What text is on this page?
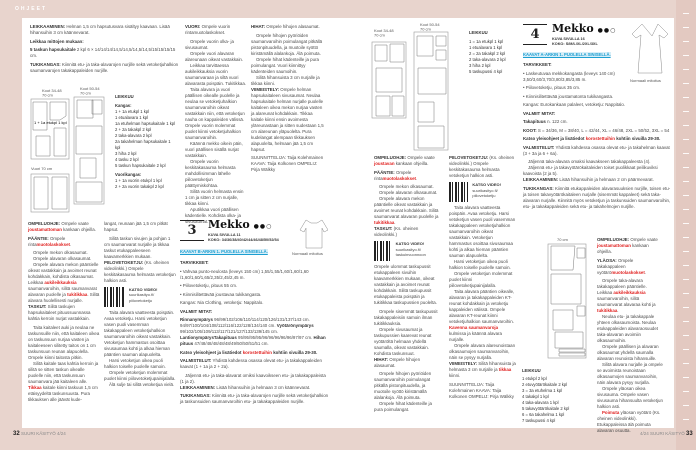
OHJEET

LEIKKAAMINEN: Helman 1,5 cm hapsutusvara sisältyy kaavaan. Lisää hihansuihin 3 cm käännevarat.

Leikkaa mittojen mukaan:

5 taskun hapsukaitale 2 kpl 6 × 14/14/14/14,5/14,5/14,5/14,5/15/15/15/15 cm.

TUKIKANGAS: Kiinnitä etu- ja taka-alavarojen nurjille sekä vetoketjuhalkion saumanvarojen takakappaleiden nurjille.

VUORI: Ompele vuorin rintamuotolaskokset.

Ompele vuorin olka- ja sivusaumat.

Ompele vuori alavaran alareunaan oikeat vastakkain.

Leikkaa tarvittaessa aukileikkauksia vuorin saumanvaraan ja siltä vuori alavarasta poispäin. Tukitikkaa.

Taita alavara ja vuori päällisen oikealle puolelle ja neulaa se vetoketjuhalkion saumanvaroihin oikeat vastakkain niin, että vetoketjun nauha on kappaleiden välissä. Ompele vuorin molemmat puolet kiinni vetoketjuhalkion saumanvaroihin.

Käännä mekko oikein päin, vuori päällisen sisällä nurjat vastakkain.

Ompele vuorin keskitakasauma helmasta mahdollisimman lähelle piilovetoketjun päättymiskohtaa.

Silitä vuorin helmasta ensin 1 cm ja sitten 2 cm nurjalle, tikkaa kiinni.

Aputikkaa vuori päällisen kädentielle. Kohdista olka- ja sivusaumat.

HIHAT: Ompele hihojen alasaumat.

Ompele hihojen pyöriöiden saumanvaroihin poimulangat pitkällä pistonpituudella, ja muotoile syöttö kiristämällä alalankoja. Älä poimuta.

Ompele hihat kädenteille ja pura poimulangat. Vuori kiinnittyy kädenteiden saumoihin.

Silitä hihansuista 3 cm nurjalle ja tikkaa kiinni.

VIIMEISTELY: Ompele helman hapsukaitaleen sivusaumat. Neulaa hapsukaitale helman nurjalle puolelle kaitaleen oikea mekon nurjaa vasten ja alareunat kohdakkain. Tikkaa kaitale kiinni ensin avoimesta yläreunastaan ja sitten sudestaan 1,5 cm alareunan yläpuolelta. Pura kudelangat alempaan tikkauksen alapuolelta, helmaan jää 1,5 cm hapsut.

SUUNNITTELIJA: Taija Kolehmainen KAAVA: Taija Kolkonen OMPELIJ: Pirja Wälkky

Koot 34-48 70 cm
Koot 50-54 70 cm
1 + 1a etukpl 1 kpl
Vuori 70 cm
LEIKKUU
Kangas:
1 + 1a etukpl 1 kpl
1 etualavara 1 kpl
1a etuhelman hapsukaitale 1 kpl
2 + 2a takakpl 2 kpl
2 taka-alavara 2 kpl
2a takahelman hapsukaitale 1 kpl
3 hiha 2 kpl
4 tasku 2 kpl
5 taskun hapsukaitale 2 kpl
Vuorikangas:
1 + 1a vuorin etukpl 1 kpl
2 + 2a vuorin takakpl 2 kpl

OMPELUOHJE: Ompele vaate joustamattoman kankaan ohjeilla.

PÄÄNTIE: Ompele rintamuotolaskokset.

Ompele mekon olkasaumat.

Ompele alavaran olkasaumat.

Ompele alavara mekon pääntielle oikeat vastakkain ja avoimet reunat kohdakkain, kohdista olkasaumat. Leikkaa aukileikkauksia saumanvaroihin, silitä saumanvarat alavaran puolelle ja tukitikkaa. Silitä alavara huolellisesti nurjalle.

TASKUT: Silitä taskujen hapsukaitaleet pituussuunnassa kahtia kerroin nurjat vastakkain.

Taita kaitaleet auki ja neulaa ne taskunsuille niin, että kaitaleen oikea on taskunsuun nurjaa vasten ja kaitaleeseen silitetty taitos on 1 cm taskunsuun reunan alapuolella. Ompele kiinni taitosta pitkin.

Silitä kaitale taas kahtia kerroin ja silitä se sitten taskun oikealle puolelle niin, että taskunsuun saumanvara jää kaitaleen alle. Tikkaa kaitale kiinni taskuun 1,5 cm etäisyydeltä taskunsuusta. Pura tikkauksen alle jäävät kude-

langat, reunaan jää 1,5 cm pitkät hapsut.

Silitä taskun sivujen ja pohjan 1 cm saumanvarat nurjalle ja tikkaa taskut etukappaleeseen kaavamerkkien mukaan.

PIILOVETOKETJU: (Ks. oheinen videolinkki.) Ompele keskitakasauma helmasta vetoketjun halkion asti.

KATSO VIDEO!
suurikasityo.fi/ piilovetoketju

Taita alavara vaatteesta poispäin. Avaa vetoketju. Harsi vetoketjun vasen puoli vasemman takakappaleen vetoketjuhalkion saumanvaroihin oikeat vastakkain. Vetoketjun hammastus osoittaa sivusaumaa kohti ja alkaa hieman pääntien sauman alapuolelta.

Harsi vetoketjun oikea puoli halkion toiselle puolelle samoin.

Ompele vetoketjun molemmat puolet kiinni piilovetoketjupainijalalla.

Älä sulje tai silitä vetoketjua vielä.

3	Mekko ●●○
KUVA SIVULLA 11
KOKO: 34/36/38/40/42/44/46/48/50/52/54
KAAVAT B-ARKIN 1. PUOLELLA SINISELLÄ.	Normaali mitoitus

TARVIKKEET:

• Vahvaa punto-neulosta (leveys 150 cm) 1,55/1,55/1,60/1,60/1,60 /1,60/1,60/1,65/2,35/2,45/2,45 m.

• Piilovetoketju, pituus 55 cm.

• Kiinnisilitettävää joustavaa tukikangasta.

Kangas: Nia Clothing, vetoketju: Nappitalo.

VALMIIT MITAT:

Rinnanympärys 96/99/102/106/110/114/120/126/131/137/143 cm. 94/97/100/104/108/112/116/122/128/134/140 cm. Vyötärönympärys 99/102/105/109/113/117/121/127/133/139/145 cm. LantionympärysTakapituus 95/95/95/95/96/96/96/96/96/97/97 cm. Hihan pituus 47/48/48/48/48/48/49/50/50/51/51 cm.

Katso yleisohjeet ja lisätiedot korostettuihin kohtiin sivuilla 29-30.

VALMISTELUT: Yhdistä kahdessa osassa olevat etu- ja takakappaleiden kaavat (1 + 1a ja 2 + 2a).

Jäljennä etu- ja taka-alavarat omiksi kaavoikseen etu- ja takakappaleista (1 ja 2).

LEIKKAAMINEN: Lisää hihansuihin ja helmaan 3 cm käännevarat.

TUKIKANGAS: Kiinnitä etu- ja taka-alavarojen nurjille sekä vetoketjuhalkion ja taskunsuiden saumanvaroihin etu- ja takakappaleiden nurjille.

32 SUURI KÄSITYÖ 4/24
Koot 34-48 70 cm
Koot 50-54 70 cm
LEIKKUU
1 = 1a etukpl 1 kpl
1 etualavara 1 kpl
2 = 2a takakpl 2 kpl
2 taka-alavara 2 kpl
3 hiha 2 kpl
5 taskupussi 4 kpl
4	Mekko ●●○
KUVA SIVULLA 16
KOKO: S/M/L/XL/2XL/3XL
KAAVAT A-ARKIN 1. PUOLELLA SINISELLÄ.
Normaali mitoitus

TARVIKKEET:

• Laskeutuvaa mekkokangasta (leveys 140 cm) 3,50/3,60/3,70/3,80/3,85/3,85 m.

• Piilovetoketju, pituus 35 cm.

• Kiinnisilitettävää joustamatonta tukikangasta.

Kangas: Eurokankaan palaleet, vetoketju: Nappitalo.

VALMIIT MITAT:

Takapituus n. 122 cm.

KOOT: S = 34/36, M = 38/40, L = 42/44, XL = 46/48, 2XL = 50/52, 3XL = 54

Katso yleisohjeet ja lisätiedot korostettuihin kohtiin sivuilla 29-30.

VALMISTELUT: Yhdistä kahdessa osassa olevat etu- ja takahelman kaavat (3 + 3a ja 6 + 6a).

Jäljennä taka-alavara omaksi kaavakseen takakappaleesta (4).

Jäljennä etu- ja takavyötärökaitaleiden toiset puolikkaat peilikuviksi kaavoista (2 ja 5).

LEIKKAAMINEN: Lisää hihansuihin ja helmaan 2 cm päärmevarat.

TUKIKANGAS: Kiinnitä etukappaleiden alavarasuuksien nurjille, toisen etu- ja toisen takavyötärökaitaleen nurjalle (sisemmät kappaleet) sekä taka-alavaran nurjalle. Kiinnitä myös vetoketjun ja taskunsuiden saumanvaroihin, etu- ja takakappaleiden sekä etu- ja takahelmojen nurjille.

OMPELUOHJE: Ompele vaate joustavan kankaan ohjeilla.

PÄÄNTIE: Ompele rintamuotolaskokset.

Ompele mekon olkasaumat.

Ompele alavaran olkasaumat.

Ompele alavara mekon pääntielle oikeat vastakkain ja avoimet reunat kohdakkain. Silitä saumanvarat alavaran puolelle ja tukitikkaa.

TASKUT: (Ks. oheinen videolinkki.)

KATSO VIDEO!
suurikasityo.fi/ taskuinvuonnoon

Ompele ulommat taskupussit etukappaleen sivuihin kaavamerkkien mukaan, oikeat vastakkain ja avoimet reunat kohdakkain. Silitä taskupussit etukappaleista poispäin ja tukitikkaa taskupussien puolelta.

Ompele sisemmät taskupussit takakappaleisiin samoin ilman tukitikkauksia.

Ompele sivusaumat ja taskupussien kaarevat reunat vyötäröltä helmaan yhdellä saumalla, oikeat vastakkain. Kohdista taskunsuut.

HIHAT: Ompele hihojen alasaumat.

Ompele hihojen pyöriöiden saumanvaroihin poimulangat pitkällä pistonpituudella, ja muotoile syöttö kiristämällä alalankoja. Älä poimuta.

Ompele hihat kädenteille ja pura poimulangat.

PIILOVETOKETJU: (Ks. oheinen videolinkki.) Ompele keskitakasauma helmasta vetoketjun halkion asti.

KATSO VIDEO!
suurikasityo.fi/ piilovetoketju

Taita alavara vaatteesta poispäin. Avaa vetoketju. Harsi vetoketjun vasen puoli vasemman takakappaleen vetoketjuhalkion saumanvaroihin oikeat vastakkain. Vetoketjun hammastus osoittaa sivusaumaa kohti ja alkaa hieman pääntien sauman alapuolelta.

Harsi vetoketjun oikea puoli halkion toiselle puolelle samoin.

Ompele vetoketjun molemmat puolet kiinni piilovetoketjupainijalalla.

Taita alavara pääntien oikealle, alavaran ja takakappaleiden KT-reunat kohdakkain ja vetoketju kappaleiden välissä. Ompele alavaran KT-reunat kiinni vetoketjuhalkion saumanvaroihin. Kavenna saumanvaroja kulmissa ja käännä alavara nurjalle.

Ompele alavara alareunoistaan olkasaumojen saumanvaroihin, näin se pysyy nurjalla.

VIIMEISTELY: Silitä hihansuista ja helmasta 3 cm nurjalle ja tikkaa kiinni.

SUUNNITTELIJA: Taija Kolehmainen KAAVA: Taija Kolkonen OMPELIJ: Pirja Wälkky

70 cm
LEIKKUU
1 etukpl 2 kpl
2 etuvyötärökaitale 2 kpl
3 = 3a etuhelma 1 kpl
4 takakpl 1 kpl
4 taka-alavara 1 kpl
5 takavyötärökaitale 2 kpl
6 = 6a takahelma 1 kpl
7 taskupussi 4 kpl

OMPELUOHJE: Ompele vaate joustamattoman kankaan ohjeilla.

YLÄOSA: Ompele takakappaleen vyötärömuotolaskokset.

Ompele taka-alavara takakappaleen pääntielle. Leikkaa aukileikkauksia saumanvaroihin, silitä saumanvarat alavaraa kohti ja tukitikkaa.

Neulaa etu- ja takakappale yhteen olkasaumoista. Neulaa etukappaleiden alavaraosuudet taka-alavaran avoimiin olkasaumoihin.

Ompele päällisen ja alavaran olkasaumat yhdellä saumalla alavaran reunoista hihansuille.

Silitä alavara nurjalle ja ompele se avoimista reunoistaan olkasaumojen saumanvaroihin, näin alavara pysyy nurjalla.

Ompele yläosan oikea sivusauma. Ompele vasen sivusauma hihansuulta vetoketjun halkion asti.

Poimuta yläosan vyötärö (Ks. oheinen videolinkki). Etukappaleissa älä poimuta alavaran osuutta.

4/24 SUURI KÄSITYÖ 33
